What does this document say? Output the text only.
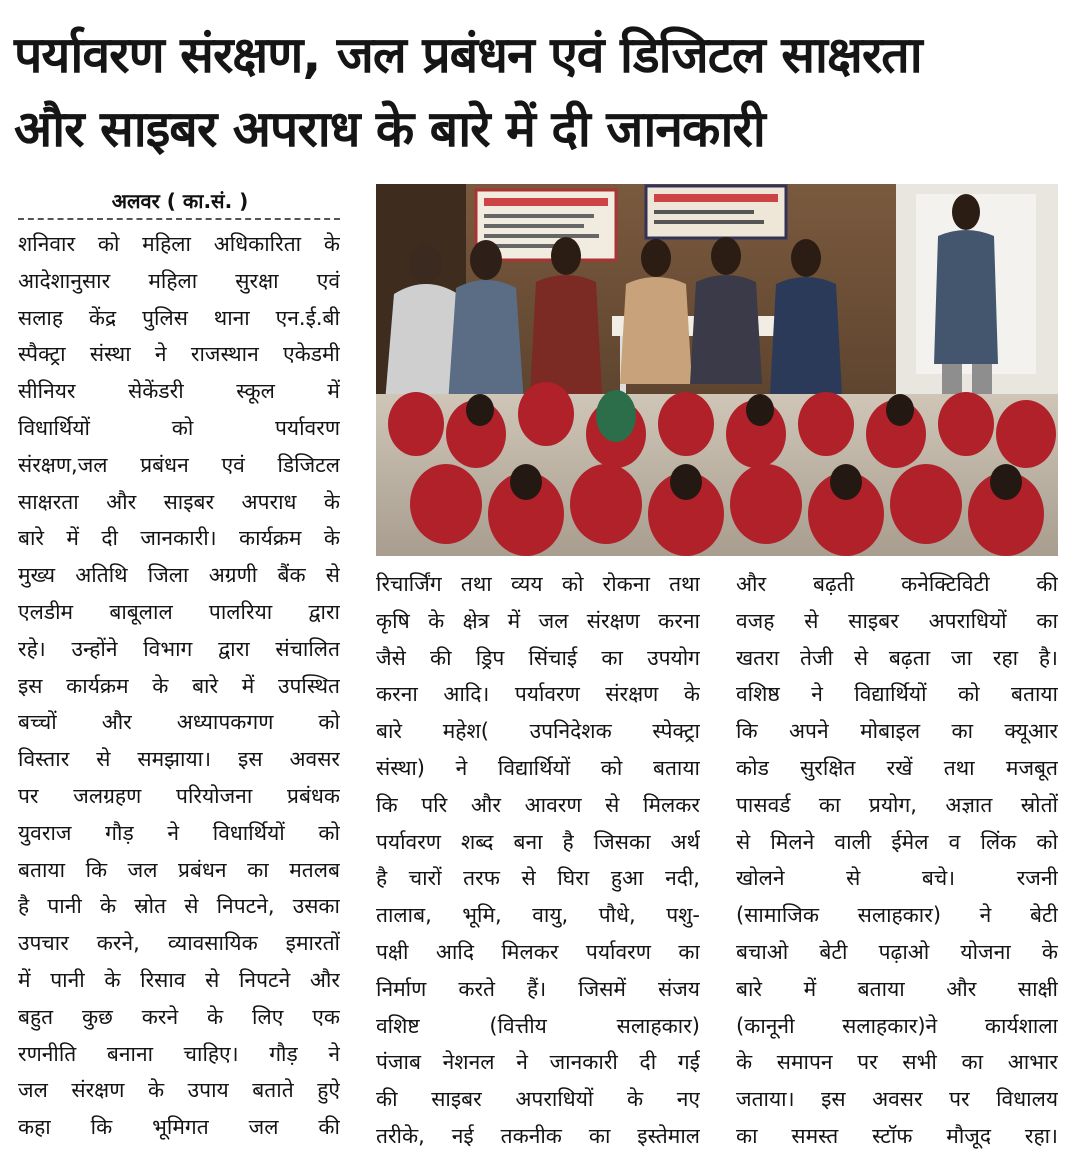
पर्यावरण संरक्षण, जल प्रबंधन एवं डिजिटल साक्षरता
और साइबर अपराध के बारे में दी जानकारी
अलवर ( का.सं. )
शनिवार को महिला अधिकारिता के
आदेशानुसार महिला सुरक्षा एवं
सलाह केंद्र पुलिस थाना एन.ई.बी
स्पैक्ट्रा संस्था ने राजस्थान एकेडमी
सीनियर सेकेंडरी स्कूल में
विधार्थियों को पर्यावरण
संरक्षण,जल प्रबंधन एवं डिजिटल
साक्षरता और साइबर अपराध के
बारे में दी जानकारी। कार्यक्रम के
मुख्य अतिथि जिला अग्रणी बैंक से
एलडीम बाबूलाल पालरिया द्वारा
रहे। उन्होंने विभाग द्वारा संचालित
इस कार्यक्रम के बारे में उपस्थित
बच्चों और अध्यापकगण को
विस्तार से समझाया। इस अवसर
पर जलग्रहण परियोजना प्रबंधक
युवराज गौड़ ने विधार्थियों को
बताया कि जल प्रबंधन का मतलब
है पानी के स्रोत से निपटने, उसका
उपचार करने, व्यावसायिक इमारतों
में पानी के रिसाव से निपटने और
बहुत कुछ करने के लिए एक
रणनीति बनाना चाहिए। गौड़ ने
जल संरक्षण के उपाय बताते हुऐ
कहा कि भूमिगत जल की
रिचार्जिंग तथा व्यय को रोकना तथा
कृषि के क्षेत्र में जल संरक्षण करना
जैसे की ड्रिप सिंचाई का उपयोग
करना आदि। पर्यावरण संरक्षण के
बारे महेश( उपनिदेशक स्पेक्ट्रा
संस्था) ने विद्यार्थियों को बताया
कि परि और आवरण से मिलकर
पर्यावरण शब्द बना है जिसका अर्थ
है चारों तरफ से घिरा हुआ नदी,
तालाब, भूमि, वायु, पौधे, पशु-
पक्षी आदि मिलकर पर्यावरण का
निर्माण करते हैं। जिसमें संजय
वशिष्ट (वित्तीय सलाहकार)
पंजाब नेशनल ने जानकारी दी गई
की साइबर अपराधियों के नए
तरीके, नई तकनीक का इस्तेमाल
और बढ़ती कनेक्टिविटी की
वजह से साइबर अपराधियों का
खतरा तेजी से बढ़ता जा रहा है।
वशिष्ठ ने विद्यार्थियों को बताया
कि अपने मोबाइल का क्यूआर
कोड सुरक्षित रखें तथा मजबूत
पासवर्ड का प्रयोग, अज्ञात स्रोतों
से मिलने वाली ईमेल व लिंक को
खोलने से बचे। रजनी
(सामाजिक सलाहकार) ने बेटी
बचाओ बेटी पढ़ाओ योजना के
बारे में बताया और साक्षी
(कानूनी सलाहकार)ने कार्यशाला
के समापन पर सभी का आभार
जताया। इस अवसर पर विधालय
का समस्त स्टॉफ मौजूद रहा।
